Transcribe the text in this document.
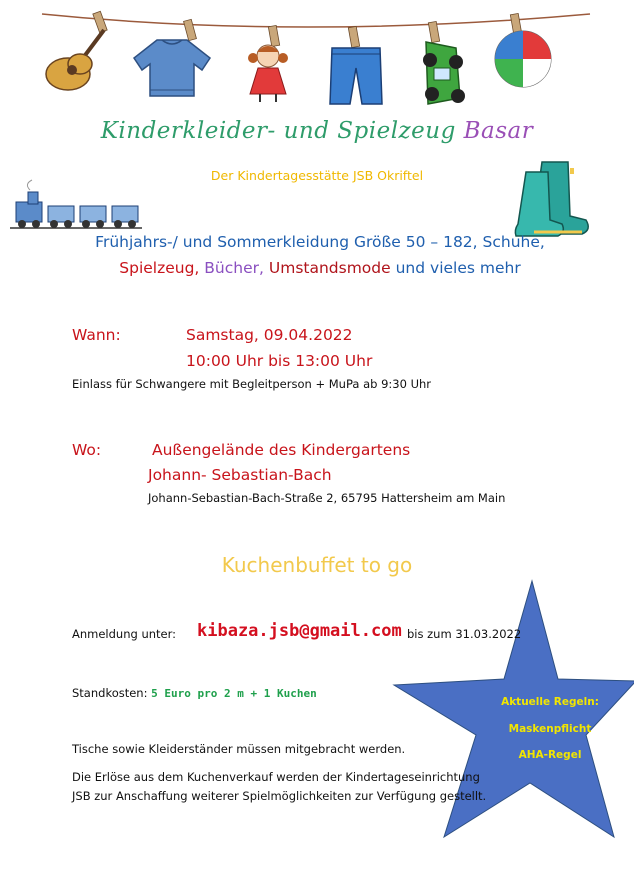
Kinderkleider- und Spielzeug Basar
Der Kindertagesstätte JSB Okriftel
Frühjahrs-/ und Sommerkleidung Größe 50 – 182, Schuhe,
Spielzeug, Bücher, Umstandsmode und vieles mehr
Wann:	Samstag, 09.04.2022
10:00 Uhr bis 13:00 Uhr
Einlass für Schwangere mit Begleitperson + MuPa ab 9:30 Uhr
Wo:	Außengelände des Kindergartens
Johann- Sebastian-Bach
Johann-Sebastian-Bach-Straße 2, 65795 Hattersheim am Main
Kuchenbuffet to go
Aktuelle Regeln:
Maskenpflicht
AHA-Regel
Anmeldung unter: kibaza.jsb@gmail.com bis zum 31.03.2022
Standkosten: 5 Euro pro 2 m + 1 Kuchen
Tische sowie Kleiderständer müssen mitgebracht werden.
Die Erlöse aus dem Kuchenverkauf werden der Kindertageseinrichtung
JSB zur Anschaffung weiterer Spielmöglichkeiten zur Verfügung gestellt.
